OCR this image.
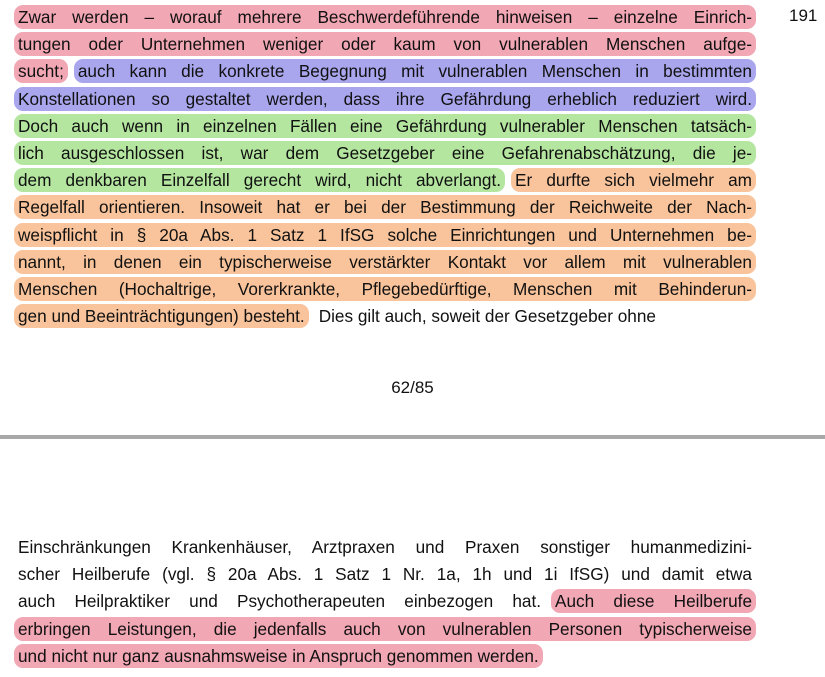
191
Zwar werden – worauf mehrere Beschwerdeführende hinweisen – einzelne Einrich-
tungen oder Unternehmen weniger oder kaum von vulnerablen Menschen aufge-
sucht; auch kann die konkrete Begegnung mit vulnerablen Menschen in bestimmten
Konstellationen so gestaltet werden, dass ihre Gefährdung erheblich reduziert wird.
Doch auch wenn in einzelnen Fällen eine Gefährdung vulnerabler Menschen tatsäch-
lich ausgeschlossen ist, war dem Gesetzgeber eine Gefahrenabschätzung, die je-
dem denkbaren Einzelfall gerecht wird, nicht abverlangt. Er durfte sich vielmehr am
Regelfall orientieren. Insoweit hat er bei der Bestimmung der Reichweite der Nach-
weispflicht in § 20a Abs. 1 Satz 1 IfSG solche Einrichtungen und Unternehmen be-
nannt, in denen ein typischerweise verstärkter Kontakt vor allem mit vulnerablen
Menschen (Hochaltrige, Vorerkrankte, Pflegebedürftige, Menschen mit Behinderun-
gen und Beeinträchtigungen) besteht. Dies gilt auch, soweit der Gesetzgeber ohne
62/85
Einschränkungen Krankenhäuser, Arztpraxen und Praxen sonstiger humanmedizini-
scher Heilberufe (vgl. § 20a Abs. 1 Satz 1 Nr. 1a, 1h und 1i IfSG) und damit etwa
auch Heilpraktiker und Psychotherapeuten einbezogen hat. Auch diese Heilberufe
erbringen Leistungen, die jedenfalls auch von vulnerablen Personen typischerweise
und nicht nur ganz ausnahmsweise in Anspruch genommen werden.
